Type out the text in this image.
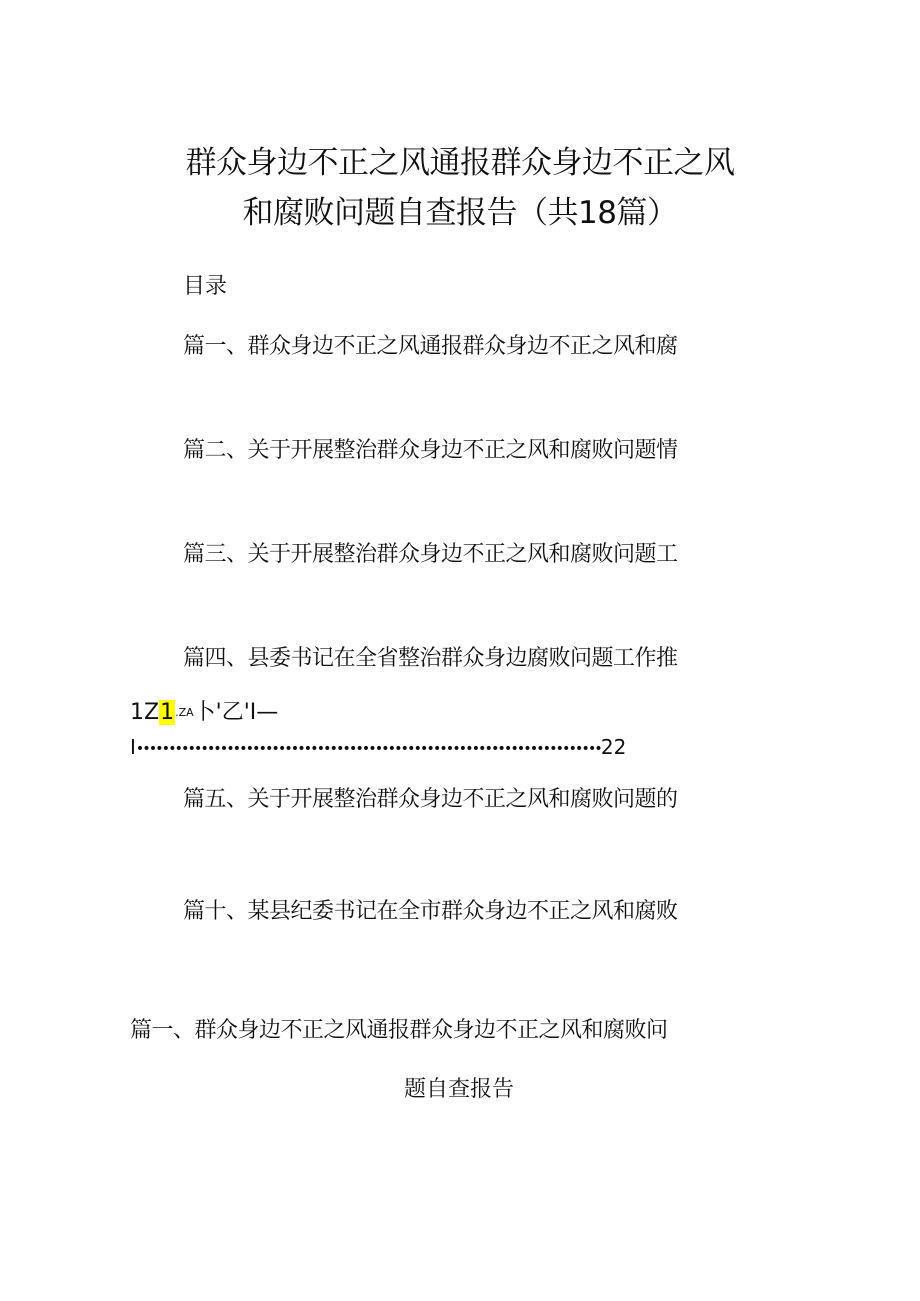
群众身边不正之风通报群众身边不正之风
和腐败问题自查报告（共18篇）
目录
篇一、群众身边不正之风通报群众身边不正之风和腐
篇二、关于开展整治群众身边不正之风和腐败问题情
篇三、关于开展整治群众身边不正之风和腐败问题工
篇四、县委书记在全省整治群众身边腐败问题工作推
1Z1.ZA卜'乙'I—
I••••••••••••••••••••••••••••••••••••••••••••••••••••••••••••••••••••••••22
篇五、关于开展整治群众身边不正之风和腐败问题的
篇十、某县纪委书记在全市群众身边不正之风和腐败
篇一、群众身边不正之风通报群众身边不正之风和腐败问
题自查报告
